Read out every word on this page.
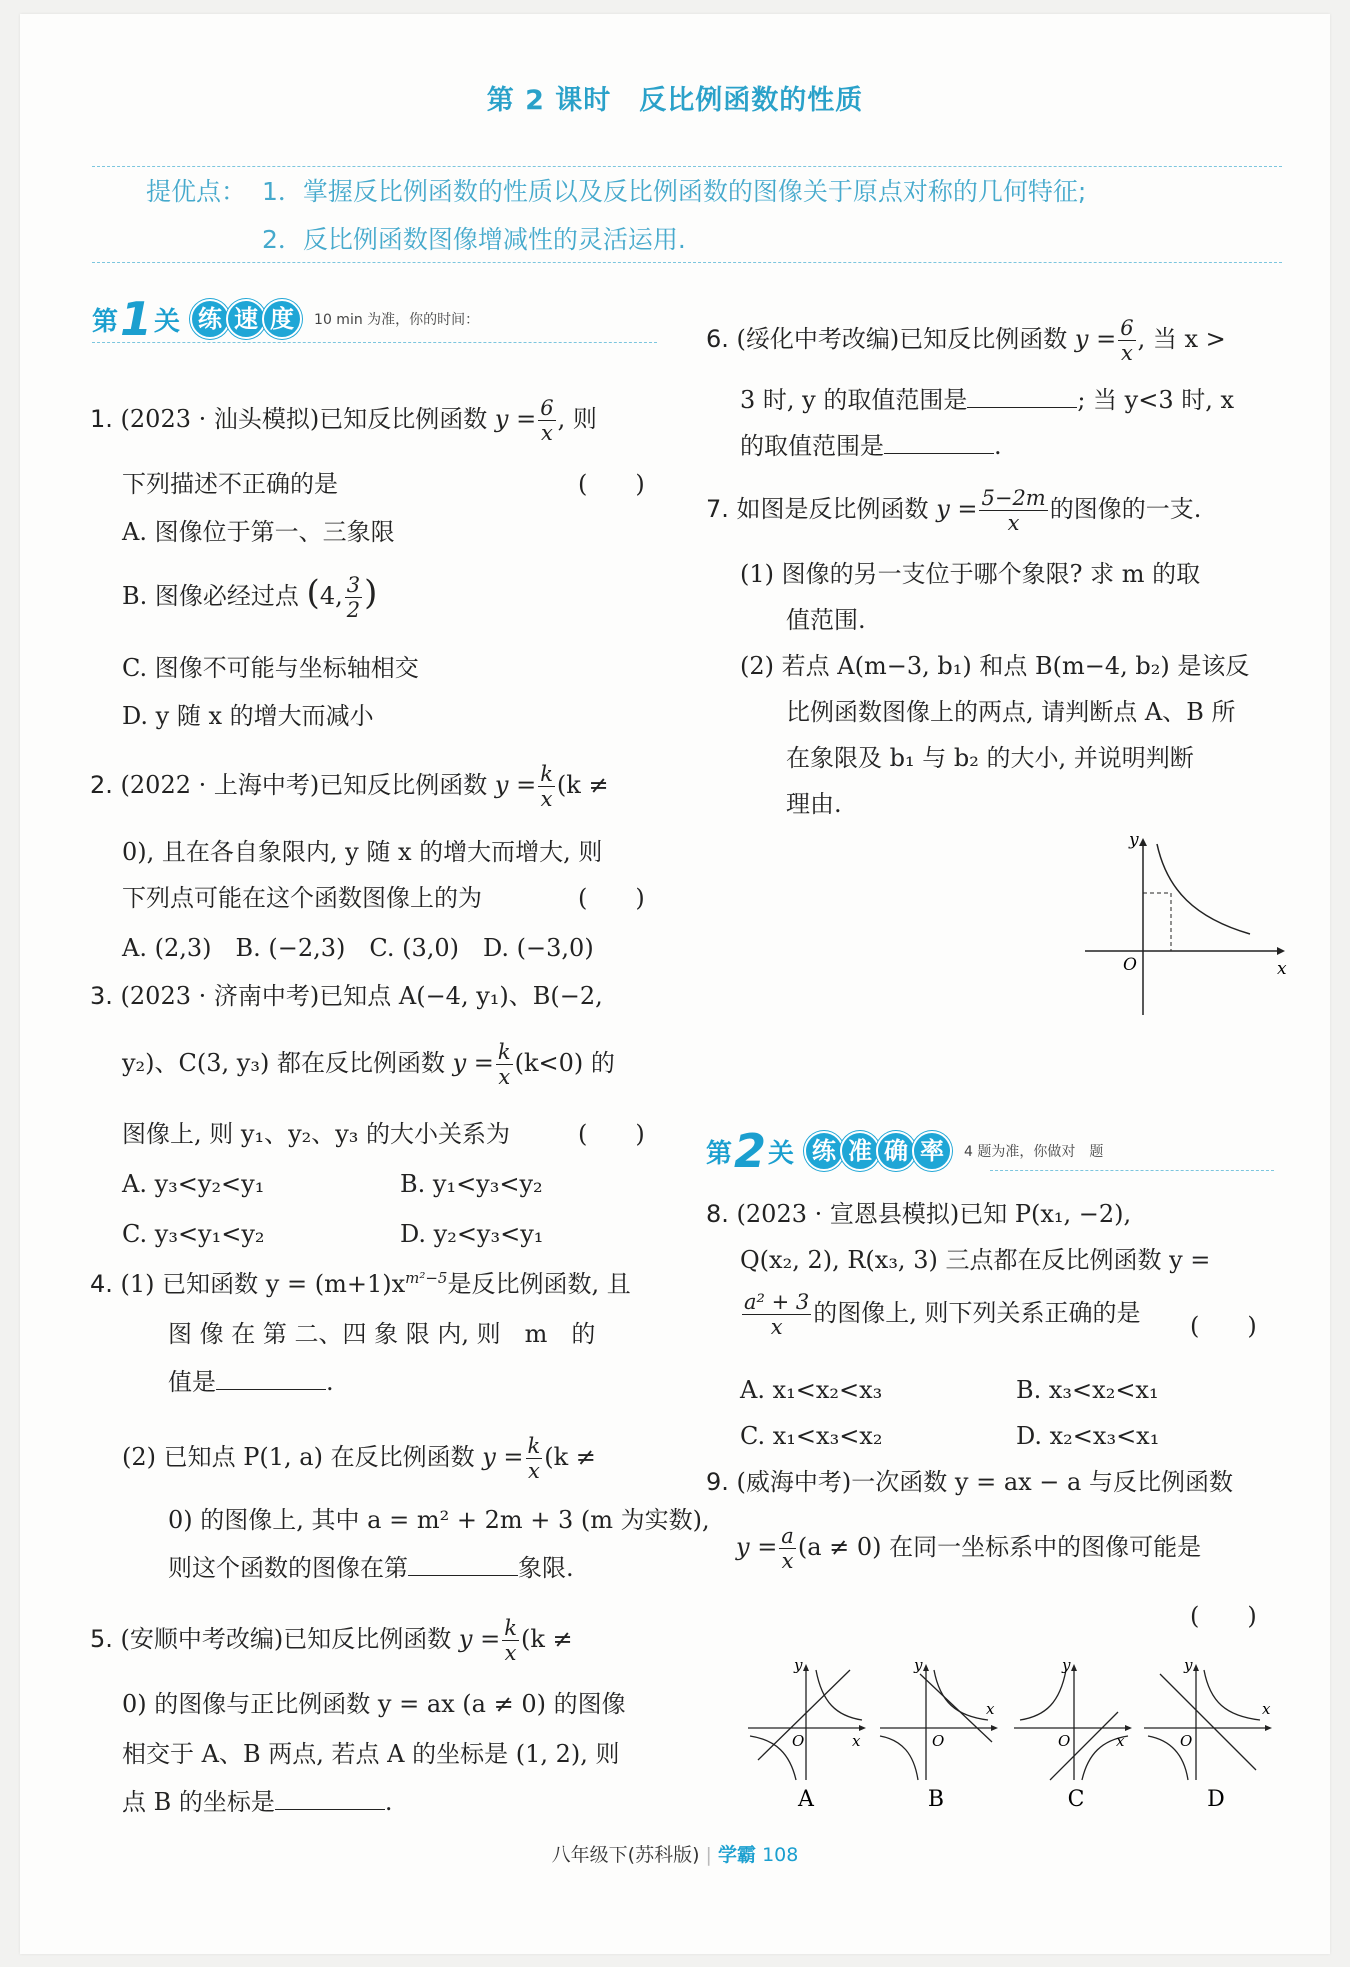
第 2 课时　反比例函数的性质
提优点： 1．掌握反比例函数的性质以及反比例函数的图像关于原点对称的几何特征;
2．反比例函数图像增减性的灵活运用.
第 1 关 练 速 度	10 min 为准，你的时间：
1. (2023 · 汕头模拟)已知反比例函数 $y = \frac{6}{x}$ , 则
下列描述不正确的是	(　　)
A. 图像位于第一、三象限
B. 图像必经过点 (4, $\frac{3}{2}$ )
C. 图像不可能与坐标轴相交
D. y 随 x 的增大而减小
2. (2022 · 上海中考)已知反比例函数 $y = \frac{k}{x} (k$ ≠
0), 且在各自象限内, y 随 x 的增大而增大, 则
下列点可能在这个函数图像上的为	(　　)
A. (2,3)　B. (−2,3)　C. (3,0)　D. (−3,0)
3. (2023 · 济南中考)已知点 A(−4, y₁)、B(−2,
y₂)、C(3, y₃) 都在反比例函数 $y = \frac{k}{x} (k<0)$ 的
图像上, 则 y₁、y₂、y₃ 的大小关系为	(　　)
A. y₃<y₂<y₁	B. y₁<y₃<y₂
C. y₃<y₁<y₂	D. y₂<y₃<y₁
4. (1) 已知函数 $y = (m+1)x^{m^2-5}$是反比例函数, 且
图 像 在 第 二、四 象 限 内, 则　m　的
值是	.
(2) 已知点 P(1, a) 在反比例函数 $y = \frac{k}{x} (k$ ≠
0) 的图像上, 其中 a = m² + 2m + 3 (m 为实数),
则这个函数的图像在第	象限.
5. (安顺中考改编)已知反比例函数 $y = \frac{k}{x} (k$ ≠
0) 的图像与正比例函数 y = ax (a ≠ 0) 的图像
相交于 A、B 两点, 若点 A 的坐标是 (1, 2), 则
点 B 的坐标是	.
6. (绥化中考改编)已知反比例函数 $y = \frac{6}{x}$ , 当 x >
3 时, y 的取值范围是	; 当 y<3 时, x
的取值范围是	.
7. 如图是反比例函数 $y = \frac{5-2m}{x}$ 的图像的一支.
(1) 图像的另一支位于哪个象限? 求 m 的取
值范围.
(2) 若点 A(m−3, b₁) 和点 B(m−4, b₂) 是该反
比例函数图像上的两点, 请判断点 A、B 所
在象限及 b₁ 与 b₂ 的大小, 并说明判断
理由.
x
y
O
第 2 关 练 准 确 率	4 题为准，你做对　题
8. (2023 · 宣恩县模拟)已知 P(x₁, −2),
Q(x₂, 2), R(x₃, 3) 三点都在反比例函数 y =
$\frac{\text{a² + 3}}{x}$ 的图像上, 则下列关系正确的是 (　　)
A. x₁<x₂<x₃	B. x₃<x₂<x₁
C. x₁<x₃<x₂	D. x₂<x₃<x₁
9. (威海中考)一次函数 y = ax − a 与反比例函数
$y = \frac{a}{x} (a \ne 0)$ 在同一坐标系中的图像可能是
(　　)
y
x
O
y
x
O
y
x
O
y
x
O
A	B	C	D
八年级下(苏科版) | 学霸 108
